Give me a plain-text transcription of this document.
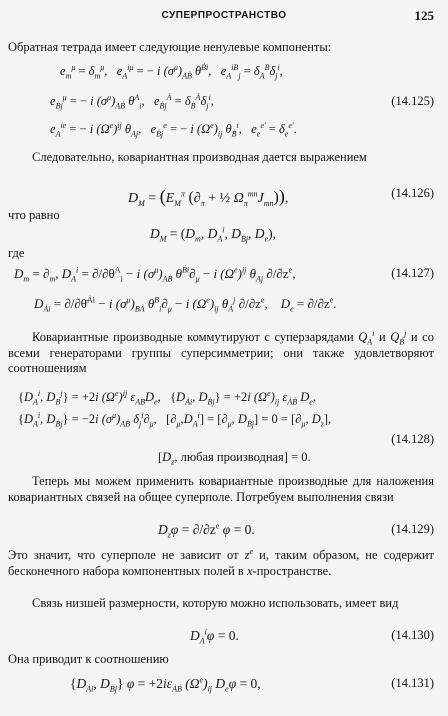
СУПЕРПРОСТРАНСТВО	125
Обратная тетрада имеет следующие ненулевые компоненты:
$e_m^\mu = \delta_m^\mu$,   $e_A^{i\mu}$ = − i $(\sigma^\mu)_{AḂ}$ $\theta^{Ḃi}$,   $e_A^{iB}_j = \delta_A^B\delta_j^i$,
$e_{Ḃj}^\mu$ = − i $(\sigma^\mu)_{AḂ}$ $\theta^A_i$,   $e_{Ḃj}^Ȧ = \delta_Ḃ^Ȧ\delta_j^i$,	(14.125)
$e_A^{ie}$ = − i $(\Omega^e)^{ij}$ $\theta_{Aj}$,   $e_{Ḃj}^e$ = − i $(\Omega^e)_{ij}$ $\theta_Ḃ^i$,   $e_e^{e'} = \delta_e^{e'}$.
Следовательно, ковариантная производная дается выражением
$D_M = (E_M^\pi$ ($\partial_\pi$ + ½ $\Omega_\pi^{mn}J_{mn}$)),	(14.126)
что равно
$D_M = (D_m$, $D_A^i$, $D_{Ḃj}$, $D_e$),
где
$D_m = \partial_m$, $D_A^i = \partial/\partial\theta^A_i - i$ $(\sigma^\mu)_{AḂ}$ $\theta^{Ḃi}\partial_\mu - i$ $(\Omega^e)^{ij}$ $\theta_{Aj}$ $\partial/\partial z^e$,	(14.127)
$D_{Ȧi}$ = ∂/∂θ̄$^{Ȧi}$ − i $(\sigma^\mu)_{BȦ}$ $\theta^B_i\partial_\mu - i$ $(\Omega^e)_{ij}$ $\theta_Ȧ^j$ $\partial/\partial z^e$,    $D_e = \partial/\partial z^e$.
Ковариантные производные коммутируют с суперзарядами $Q_A^i$ и $Q_Ḃ^j$ и со всеми генераторами группы суперсимметрии; они также удовлетворяют соотношениям
{$D_A^i$, $D_B^j\} = +2i$ $(\Omega^e)^{ij}$ $\varepsilon_{AB}D_e$, {$D_{Ȧi}$, $D_{Ḃj}\} = +2i$ $(\Omega^e)_{ij}$ $\varepsilon_{ȦḂ}$ $D_e$,
{$D_A^i$, $D_{Ḃj}\} = -2i$ $(\sigma^\mu)_{AḂ}$ $\delta_j^i\partial_\mu$, $[\partial_\mu,D_A^i] = [\partial_\mu$, $D_{Ḃj}] = 0 = [\partial_\mu$, $D_z$],
(14.128)
[$D_z$, любая производная] = 0.
Теперь мы можем применить ковариантные производные для наложения ковариантных связей на общее суперполе. Потребуем выполнения связи
$D_z\varphi = \partial/\partial z^e$ φ = 0.	(14.129)
Это значит, что суперполе не зависит от $z^e$ и, таким образом, не содержит бесконечного набора компонентных полей в x-пространстве.
Связь низшей размерности, которую можно использовать, имеет вид
$D_Ȧ^i\varphi = 0$.	(14.130)
Она приводит к соотношению
{$D_{Ȧi}$, $D_{Ḃj}$} $\varphi = +2i\varepsilon_{ȦḂ}$ $(\Omega^e)_{ij}$ $D_e\varphi = 0$,	(14.131)
